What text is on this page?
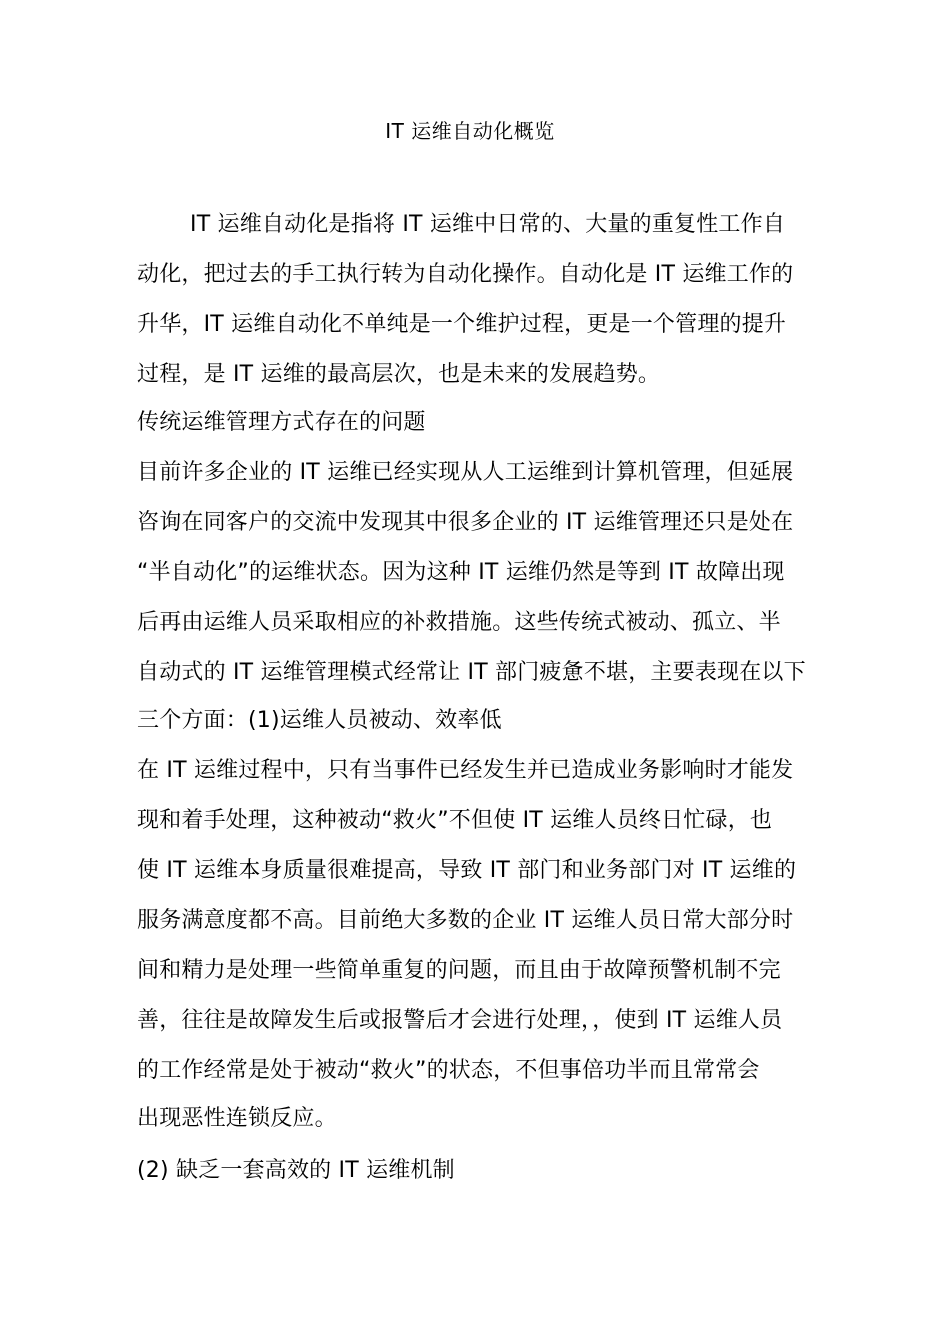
IT 运维自动化概览
IT 运维自动化是指将 IT 运维中日常的、大量的重复性工作自
动化，把过去的手工执行转为自动化操作。自动化是 IT 运维工作的
升华，IT 运维自动化不单纯是一个维护过程，更是一个管理的提升
过程，是 IT 运维的最高层次，也是未来的发展趋势。
传统运维管理方式存在的问题
目前许多企业的 IT 运维已经实现从人工运维到计算机管理，但延展
咨询在同客户的交流中发现其中很多企业的 IT 运维管理还只是处在
“半自动化”的运维状态。因为这种 IT 运维仍然是等到 IT 故障出现
后再由运维人员采取相应的补救措施。这些传统式被动、孤立、半
自动式的 IT 运维管理模式经常让 IT 部门疲惫不堪，主要表现在以下
三个方面：(1)运维人员被动、效率低
在 IT 运维过程中，只有当事件已经发生并已造成业务影响时才能发
现和着手处理，这种被动“救火”不但使 IT 运维人员终日忙碌，也
使 IT 运维本身质量很难提高，导致 IT 部门和业务部门对 IT 运维的
服务满意度都不高。目前绝大多数的企业 IT 运维人员日常大部分时
间和精力是处理一些简单重复的问题，而且由于故障预警机制不完
善，往往是故障发生后或报警后才会进行处理，，使到 IT 运维人员
的工作经常是处于被动“救火”的状态，不但事倍功半而且常常会
出现恶性连锁反应。
(2) 缺乏一套高效的 IT 运维机制
